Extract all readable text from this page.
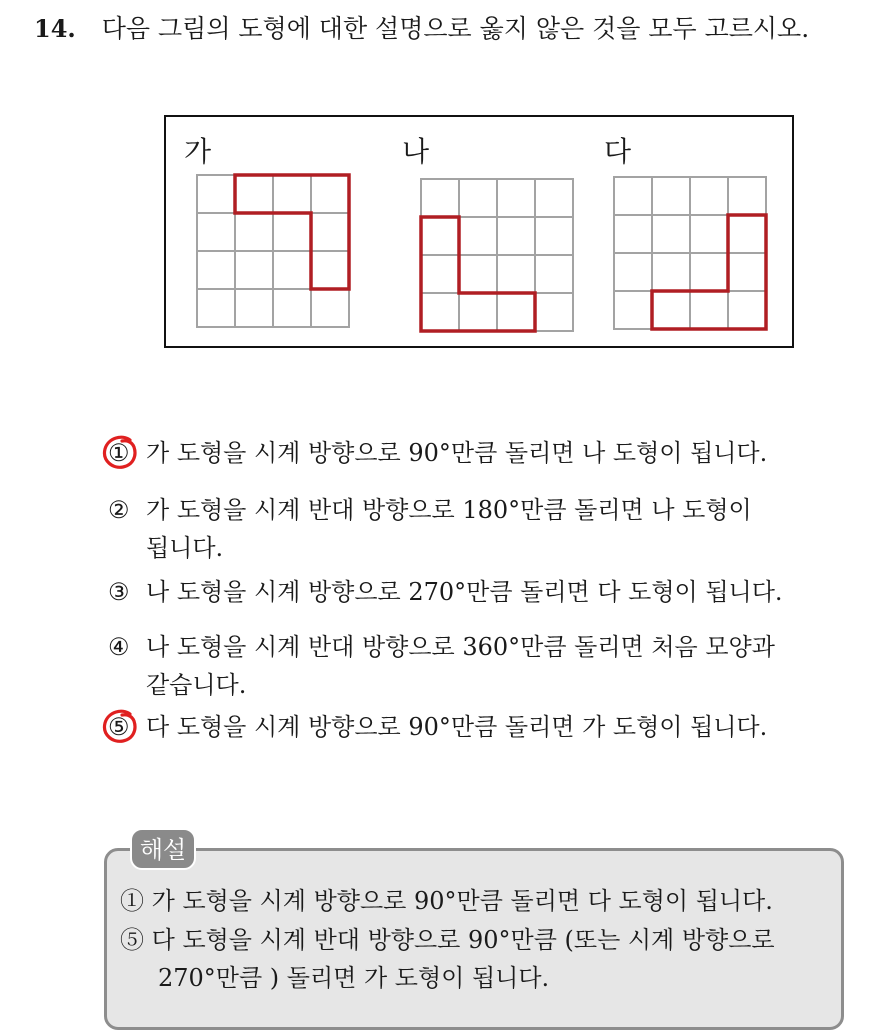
14. 다음 그림의 도형에 대한 설명으로 옳지 않은 것을 모두 고르시오.
가	나	다
① 가 도형을 시계 방향으로 90°만큼 돌리면 나 도형이 됩니다.
② 가 도형을 시계 반대 방향으로 180°만큼 돌리면 나 도형이
됩니다.
③ 나 도형을 시계 방향으로 270°만큼 돌리면 다 도형이 됩니다.
④ 나 도형을 시계 반대 방향으로 360°만큼 돌리면 처음 모양과
같습니다.
⑤ 다 도형을 시계 방향으로 90°만큼 돌리면 가 도형이 됩니다.
해설
① 가 도형을 시계 방향으로 90°만큼 돌리면 다 도형이 됩니다.
⑤ 다 도형을 시계 반대 방향으로 90°만큼 (또는 시계 방향으로
270°만큼 ) 돌리면 가 도형이 됩니다.
